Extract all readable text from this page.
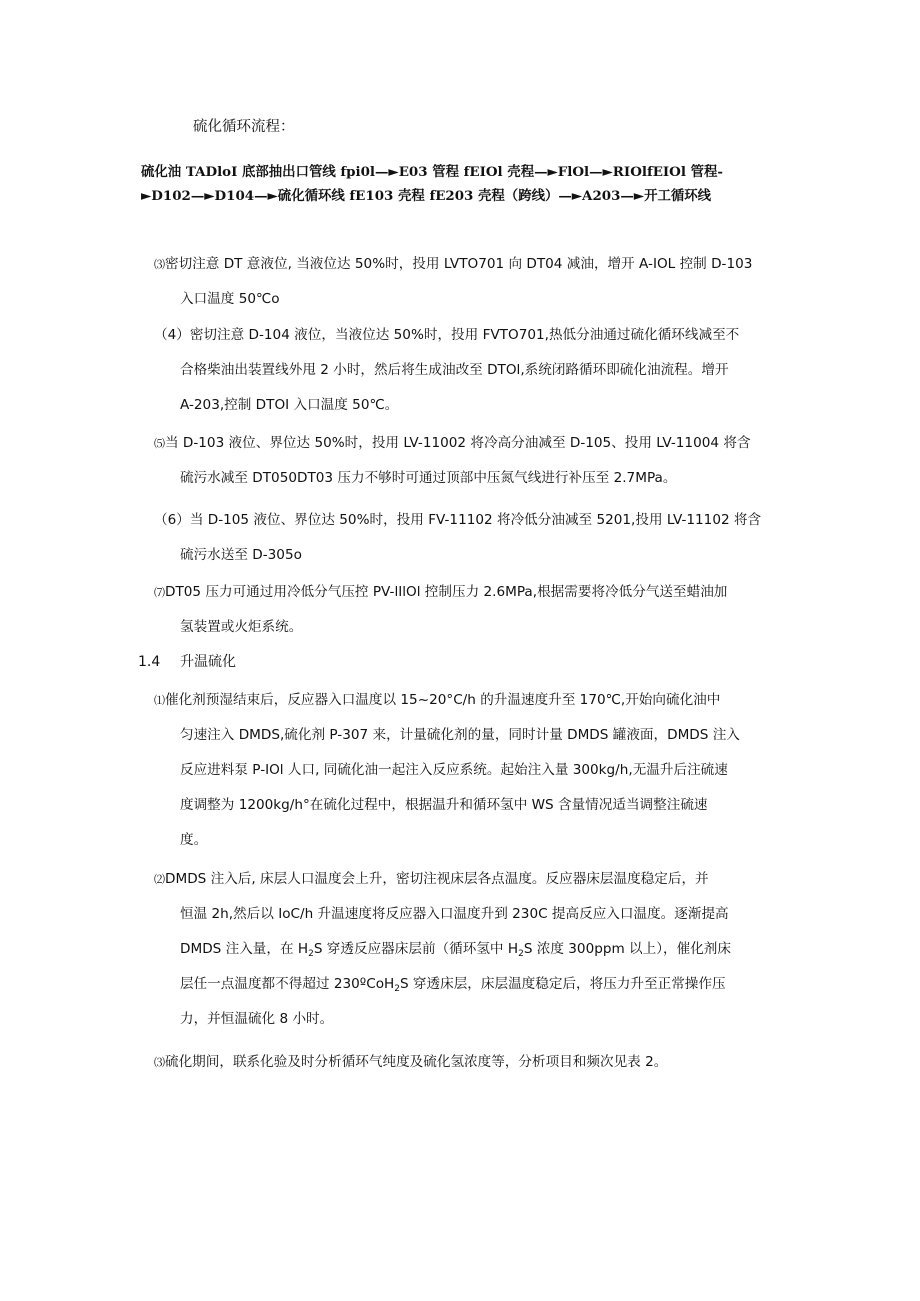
硫化循环流程：

硫化油 TADloI 底部抽出口管线 fpi0l—►E03 管程 fEIOl 壳程—►FlOl—►RIOlfEIOl 管程-

►D102—►D104—►硫化循环线 fE103 壳程 fE203 壳程（跨线）—►A203—►开工循环线

⑶密切注意 DT 意液位, 当液位达 50%时，投用 LVTO701 向 DT04 减油，增开 A-IOL 控制 D-103

入口温度 50℃o

（4）密切注意 D-104 液位，当液位达 50%时，投用 FVTO701,热低分油通过硫化循环线减至不

合格柴油出装置线外甩 2 小时，然后将生成油改至 DTOl,系统闭路循环即硫化油流程。增开

A-203,控制 DTOI 入口温度 50℃。

⑸当 D-103 液位、界位达 50%时，投用 LV-11002 将冷高分油减至 D-105、投用 LV-11004 将含

硫污水减至 DT050DT03 压力不够时可通过顶部中压氮气线进行补压至 2.7MPa。

（6）当 D-105 液位、界位达 50%时，投用 FV-11102 将冷低分油减至 5201,投用 LV-11102 将含

硫污水送至 D-305o

⑺DT05 压力可通过用冷低分气压控 PV-lIlOl 控制压力 2.6MPa,根据需要将冷低分气送至蜡油加

氢装置或火炬系统。

1.4 升温硫化

⑴催化剂预湿结束后，反应器入口温度以 15~20°C∕h 的升温速度升至 170℃,开始向硫化油中

匀速注入 DMDS,硫化剂 P-307 来，计量硫化剂的量，同时计量 DMDS 罐液面，DMDS 注入

反应进料泵 P-IOl 人口, 同硫化油一起注入反应系统。起始注入量 300kg∕h,无温升后注硫速

度调整为 1200kg∕h°在硫化过程中，根据温升和循环氢中 WS 含量情况适当调整注硫速

度。

⑵DMDS 注入后, 床层人口温度会上升，密切注视床层各点温度。反应器床层温度稳定后，并

恒温 2h,然后以 IoC/h 升温速度将反应器入口温度升到 230C 提高反应入口温度。逐渐提高

DMDS 注入量，在 $H_2S$ 穿透反应器床层前（循环氢中 $H_2S$ 浓度 300ppm 以上），催化剂床

层任一点温度都不得超过 230ºCoH$_2$S 穿透床层，床层温度稳定后，将压力升至正常操作压

力，并恒温硫化 8 小时。

⑶硫化期间，联系化验及时分析循环气纯度及硫化氢浓度等，分析项目和频次见表 2。
